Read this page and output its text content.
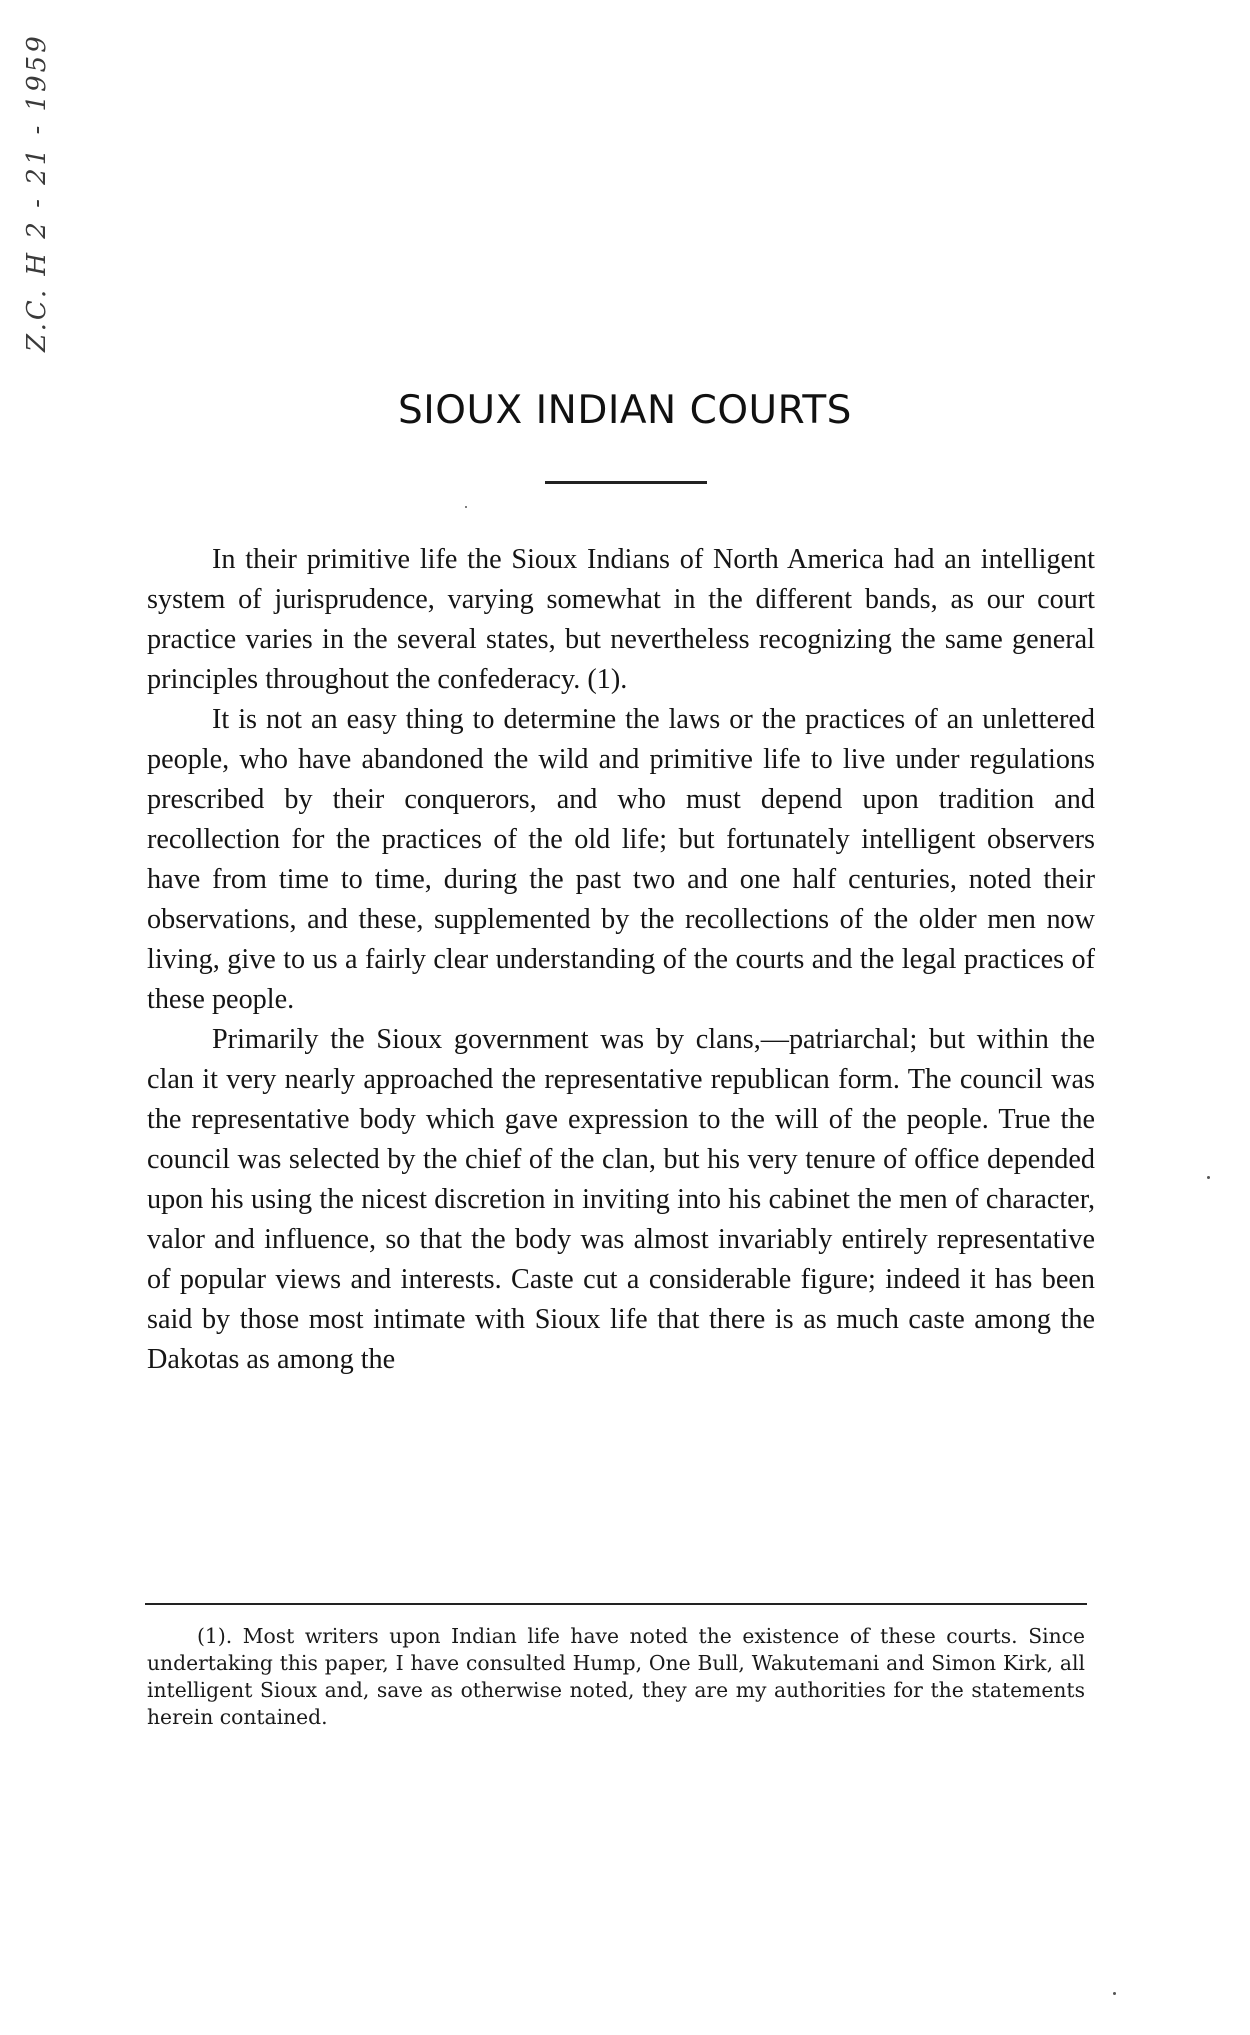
Z.C. H 2 - 21 - 1959
SIOUX INDIAN COURTS

In their primitive life the Sioux Indians of North America had an intelligent system of jurisprudence, varying somewhat in the different bands, as our court practice varies in the several states, but nevertheless recognizing the same general principles throughout the confederacy. (1).

It is not an easy thing to determine the laws or the practices of an unlettered people, who have abandoned the wild and primitive life to live under regulations prescribed by their conquerors, and who must depend upon tradition and recollection for the practices of the old life; but fortunately intelligent observers have from time to time, during the past two and one half centuries, noted their observations, and these, supplemented by the recollections of the older men now living, give to us a fairly clear understanding of the courts and the legal practices of these people.

Primarily the Sioux government was by clans,—patriarchal; but within the clan it very nearly approached the representative republican form. The council was the representative body which gave expression to the will of the people. True the council was selected by the chief of the clan, but his very tenure of office depended upon his using the nicest discretion in inviting into his cabinet the men of character, valor and influence, so that the body was almost invariably entirely representative of popular views and interests. Caste cut a considerable figure; indeed it has been said by those most intimate with Sioux life that there is as much caste among the Dakotas as among the

(1). Most writers upon Indian life have noted the existence of these courts. Since undertaking this paper, I have consulted Hump, One Bull, Wakutemani and Simon Kirk, all intelligent Sioux and, save as otherwise noted, they are my authorities for the statements herein contained.
